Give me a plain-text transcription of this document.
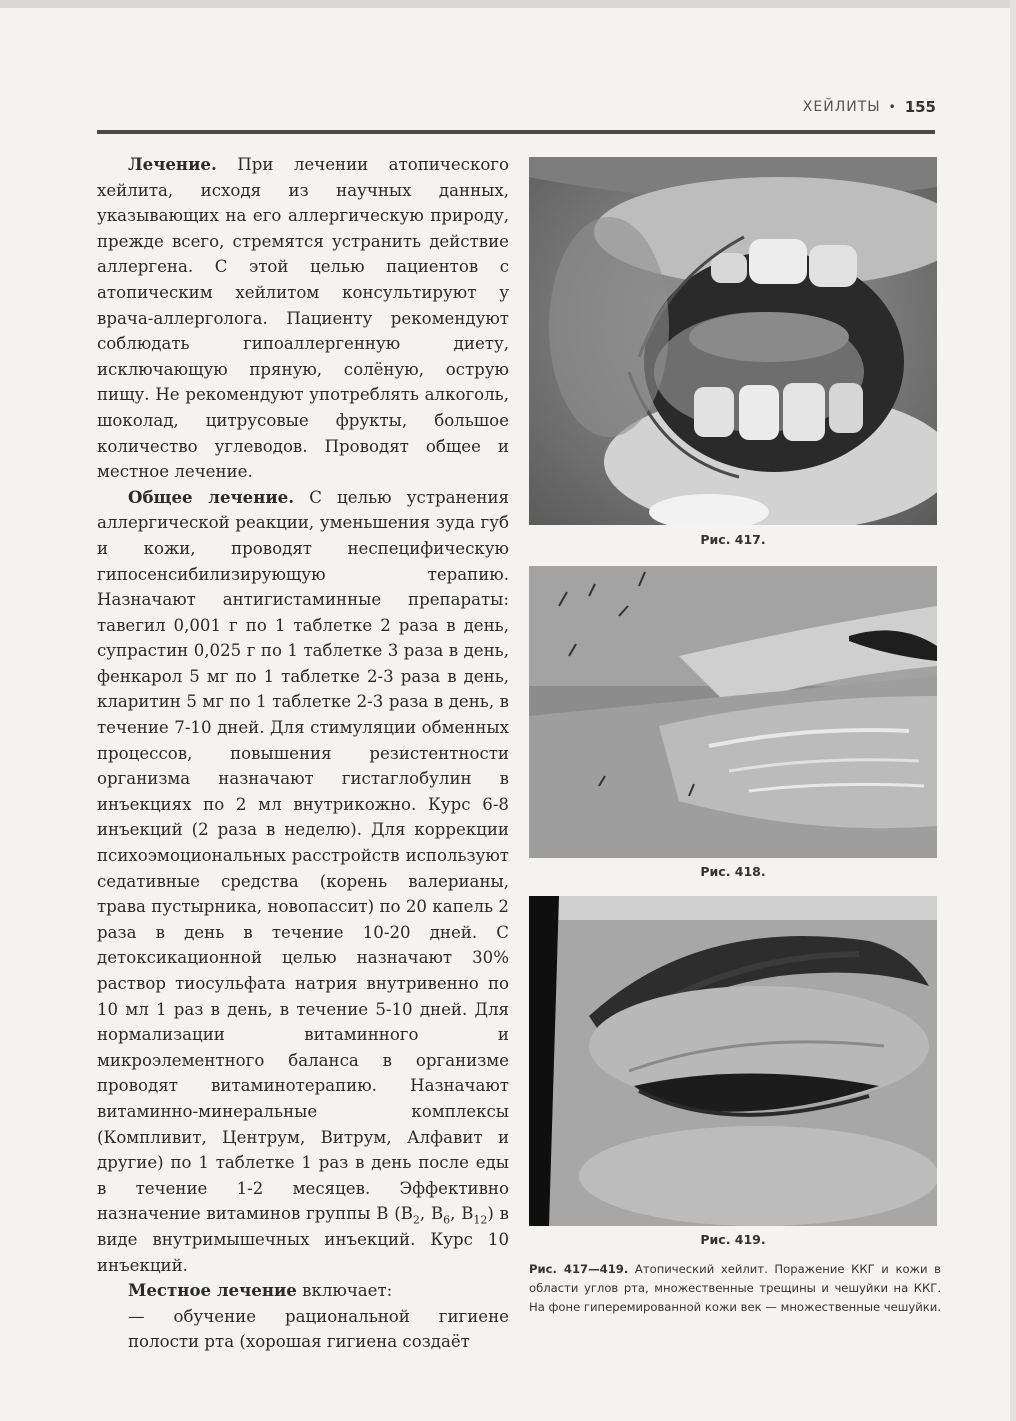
ХЕЙЛИТЫ • 155

Лечение. При лечении атопического хейлита, исходя из научных данных, указывающих на его аллергическую природу, прежде всего, стремятся устранить действие аллергена. С этой целью пациентов с атопическим хейлитом консультируют у врача-аллерголога. Пациенту рекомендуют соблюдать гипоаллергенную диету, исключающую пряную, солёную, острую пищу. Не рекомендуют употреблять алкоголь, шоколад, цитрусовые фрукты, большое количество углеводов. Проводят общее и местное лечение.

Общее лечение. С целью устранения аллергической реакции, уменьшения зуда губ и кожи, проводят неспецифическую гипосенсибилизирующую терапию. Назначают антигистаминные препараты: тавегил 0,001 г по 1 таблетке 2 раза в день, супрастин 0,025 г по 1 таблетке 3 раза в день, фенкарол 5 мг по 1 таблетке 2-3 раза в день, кларитин 5 мг по 1 таблетке 2-3 раза в день, в течение 7-10 дней. Для стимуляции обменных процессов, повышения резистентности организма назначают гистаглобулин в инъекциях по 2 мл внутрикожно. Курс 6-8 инъекций (2 раза в неделю). Для коррекции психоэмоциональных расстройств используют седативные средства (корень валерианы, трава пустырника, новопассит) по 20 капель 2 раза в день в течение 10-20 дней. С детоксикационной целью назначают 30% раствор тиосульфата натрия внутривенно по 10 мл 1 раз в день, в течение 5-10 дней. Для нормализации витаминного и микроэлементного баланса в организме проводят витаминотерапию. Назначают витаминно-минеральные комплексы (Компливит, Центрум, Витрум, Алфавит и другие) по 1 таблетке 1 раз в день после еды в течение 1-2 месяцев. Эффективно назначение витаминов группы B ($B_2$, $B_6$, $B_{12}$) в виде внутримышечных инъекций. Курс 10 инъекций.

Местное лечение включает:

— обучение рациональной гигиене полости рта (хорошая гигиена создаёт

Рис. 417.
Рис. 418.
Рис. 419.
Рис. 417—419. Атопический хейлит. Поражение ККГ и кожи в области углов рта, множественные трещины и чешуйки на ККГ. На фоне гиперемированной кожи век — множественные чешуйки.
